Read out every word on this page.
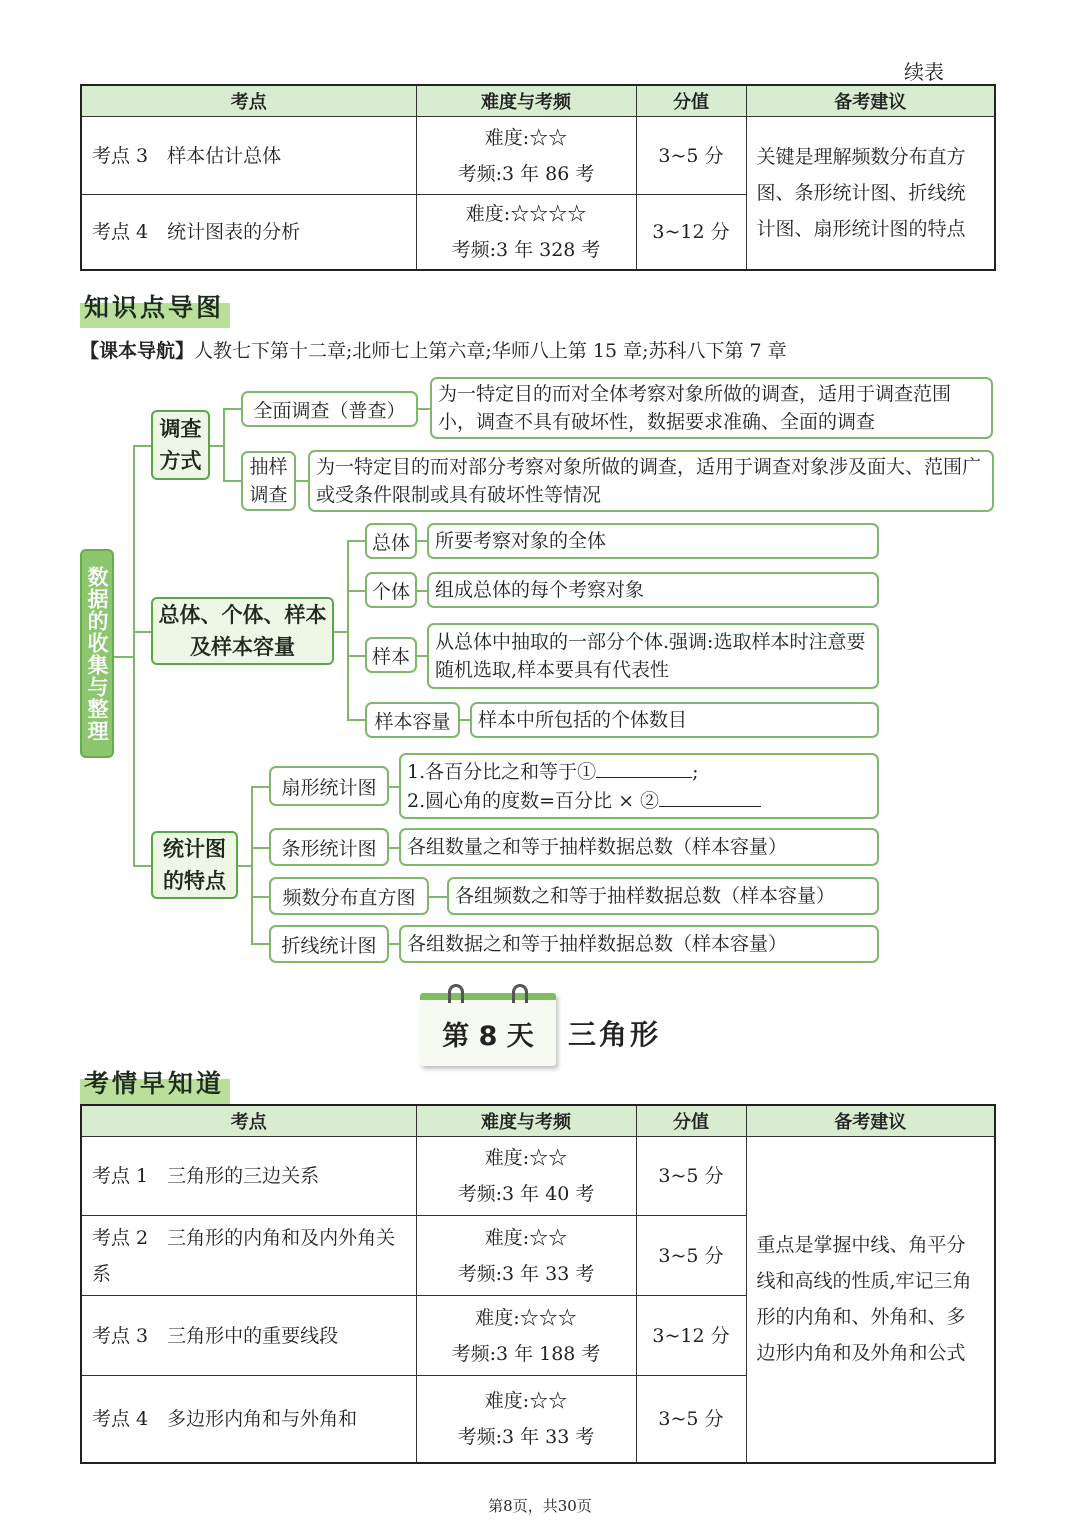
续表
考点	难度与考频	分值	备考建议
考点 3　样本估计总体	难度:☆☆
考频:3 年 86 考	3~5 分	关键是理解频数分布直方图、条形统计图、折线统计图、扇形统计图的特点
考点 4　统计图表的分析	难度:☆☆☆☆
考频:3 年 328 考	3~12 分	
知识点导图
【课本导航】人教七下第十二章;北师七上第六章;华师八上第 15 章;苏科八下第 7 章
数据的收集与整理
调查方式
全面调查（普查）
为一特定目的而对全体考察对象所做的调查，适用于调查范围小，调查不具有破坏性，数据要求准确、全面的调查
抽样调查
为一特定目的而对部分考察对象所做的调查，适用于调查对象涉及面大、范围广或受条件限制或具有破坏性等情况
总体、个体、样本及样本容量
总体	所要考察对象的全体
个体	组成总体的每个考察对象
样本
从总体中抽取的一部分个体.强调:选取样本时注意要随机选取,样本要具有代表性
样本容量	样本中所包括的个体数目
统计图的特点
扇形统计图
1.各百分比之和等于①	;
2.圆心角的度数=百分比 × ②
条形统计图	各组数量之和等于抽样数据总数（样本容量）
频数分布直方图	各组频数之和等于抽样数据总数（样本容量）
折线统计图	各组数据之和等于抽样数据总数（样本容量）
第 8 天	三角形
考情早知道
考点	难度与考频	分值	备考建议
考点 1　三角形的三边关系	难度:☆☆
考频:3 年 40 考	3~5 分	重点是掌握中线、角平分线和高线的性质,牢记三角形的内角和、外角和、多边形内角和及外角和公式
考点 2　三角形的内角和及内外角关系	难度:☆☆
考频:3 年 33 考	3~5 分	
考点 3　三角形中的重要线段	难度:☆☆☆
考频:3 年 188 考	3~12 分	
考点 4　多边形内角和与外角和	难度:☆☆
考频:3 年 33 考	3~5 分	
第8页，共30页
